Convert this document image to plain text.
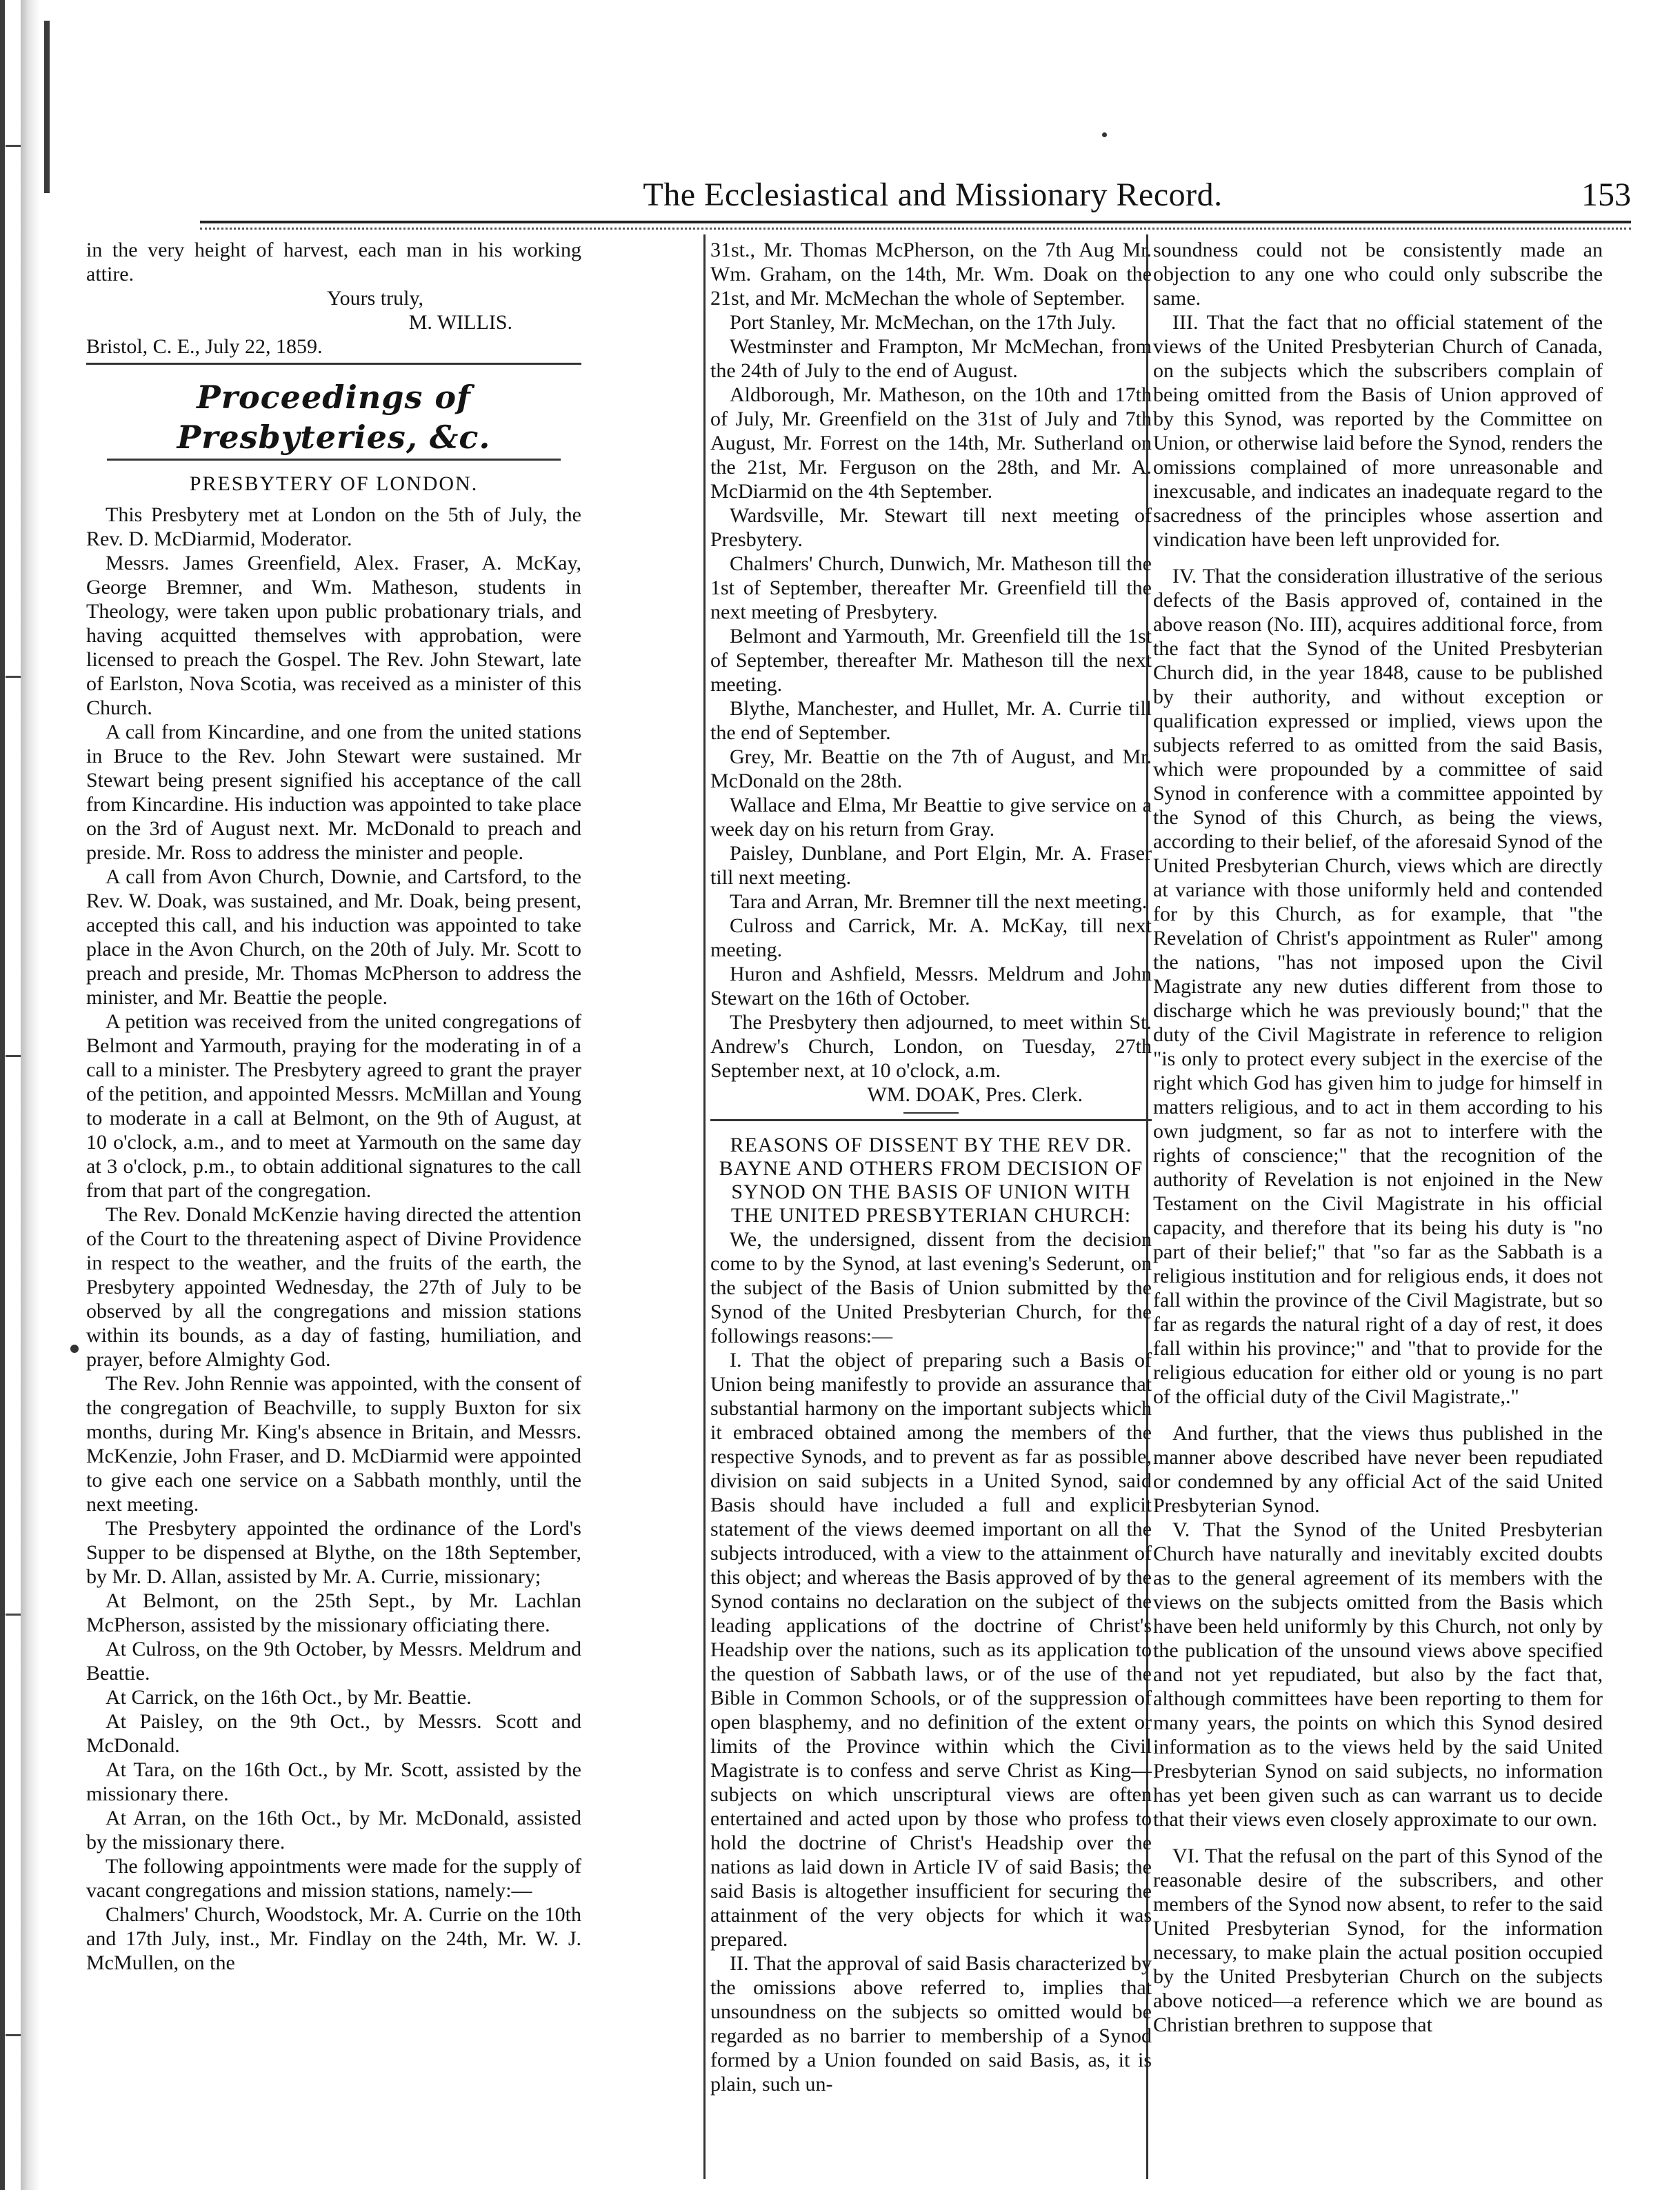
The Ecclesiastical and Missionary Record.	153

in the very height of harvest, each man in his working attire.

Yours truly,

M. WILLIS.

Bristol, C. E., July 22, 1859.

Proceedings of Presbyteries, &c.
PRESBYTERY OF LONDON.

This Presbytery met at London on the 5th of July, the Rev. D. McDiarmid, Moderator.

Messrs. James Greenfield, Alex. Fraser, A. McKay, George Bremner, and Wm. Matheson, students in Theology, were taken upon public probationary trials, and having acquitted themselves with approbation, were licensed to preach the Gospel. The Rev. John Stewart, late of Earlston, Nova Scotia, was received as a minister of this Church.

A call from Kincardine, and one from the united stations in Bruce to the Rev. John Stewart were sustained. Mr Stewart being present signified his acceptance of the call from Kincardine. His induction was appointed to take place on the 3rd of August next. Mr. McDonald to preach and preside. Mr. Ross to address the minister and people.

A call from Avon Church, Downie, and Cartsford, to the Rev. W. Doak, was sustained, and Mr. Doak, being present, accepted this call, and his induction was appointed to take place in the Avon Church, on the 20th of July. Mr. Scott to preach and preside, Mr. Thomas McPherson to address the minister, and Mr. Beattie the people.

A petition was received from the united congregations of Belmont and Yarmouth, praying for the moderating in of a call to a minister. The Presbytery agreed to grant the prayer of the petition, and appointed Messrs. McMillan and Young to moderate in a call at Belmont, on the 9th of August, at 10 o'clock, a.m., and to meet at Yarmouth on the same day at 3 o'clock, p.m., to obtain additional signatures to the call from that part of the congregation.

The Rev. Donald McKenzie having directed the attention of the Court to the threatening aspect of Divine Providence in respect to the weather, and the fruits of the earth, the Presbytery appointed Wednesday, the 27th of July to be observed by all the congregations and mission stations within its bounds, as a day of fasting, humiliation, and prayer, before Almighty God.

The Rev. John Rennie was appointed, with the consent of the congregation of Beachville, to supply Buxton for six months, during Mr. King's absence in Britain, and Messrs. McKenzie, John Fraser, and D. McDiarmid were appointed to give each one service on a Sabbath monthly, until the next meeting.

The Presbytery appointed the ordinance of the Lord's Supper to be dispensed at Blythe, on the 18th September, by Mr. D. Allan, assisted by Mr. A. Currie, missionary;

At Belmont, on the 25th Sept., by Mr. Lachlan McPherson, assisted by the missionary officiating there.

At Culross, on the 9th October, by Messrs. Meldrum and Beattie.

At Carrick, on the 16th Oct., by Mr. Beattie.

At Paisley, on the 9th Oct., by Messrs. Scott and McDonald.

At Tara, on the 16th Oct., by Mr. Scott, assisted by the missionary there.

At Arran, on the 16th Oct., by Mr. McDonald, assisted by the missionary there.

The following appointments were made for the supply of vacant congregations and mission stations, namely:—

Chalmers' Church, Woodstock, Mr. A. Currie on the 10th and 17th July, inst., Mr. Findlay on the 24th, Mr. W. J. McMullen, on the

31st., Mr. Thomas McPherson, on the 7th Aug Mr. Wm. Graham, on the 14th, Mr. Wm. Doak on the 21st, and Mr. McMechan the whole of September.

Port Stanley, Mr. McMechan, on the 17th July.

Westminster and Frampton, Mr McMechan, from the 24th of July to the end of August.

Aldborough, Mr. Matheson, on the 10th and 17th of July, Mr. Greenfield on the 31st of July and 7th August, Mr. Forrest on the 14th, Mr. Sutherland on the 21st, Mr. Ferguson on the 28th, and Mr. A. McDiarmid on the 4th September.

Wardsville, Mr. Stewart till next meeting of Presbytery.

Chalmers' Church, Dunwich, Mr. Matheson till the 1st of September, thereafter Mr. Greenfield till the next meeting of Presbytery.

Belmont and Yarmouth, Mr. Greenfield till the 1st of September, thereafter Mr. Matheson till the next meeting.

Blythe, Manchester, and Hullet, Mr. A. Currie till the end of September.

Grey, Mr. Beattie on the 7th of August, and Mr. McDonald on the 28th.

Wallace and Elma, Mr Beattie to give service on a week day on his return from Gray.

Paisley, Dunblane, and Port Elgin, Mr. A. Fraser till next meeting.

Tara and Arran, Mr. Bremner till the next meeting.

Culross and Carrick, Mr. A. McKay, till next meeting.

Huron and Ashfield, Messrs. Meldrum and John Stewart on the 16th of October.

The Presbytery then adjourned, to meet within St. Andrew's Church, London, on Tuesday, 27th September next, at 10 o'clock, a.m.

WM. DOAK, Pres. Clerk.

REASONS OF DISSENT BY THE REV DR. BAYNE AND OTHERS FROM DECISION OF SYNOD ON THE BASIS OF UNION WITH THE UNITED PRESBYTERIAN CHURCH:

We, the undersigned, dissent from the decision come to by the Synod, at last evening's Sederunt, on the subject of the Basis of Union submitted by the Synod of the United Presbyterian Church, for the followings reasons:—

I. That the object of preparing such a Basis of Union being manifestly to provide an assurance that substantial harmony on the important subjects which it embraced obtained among the members of the respective Synods, and to prevent as far as possible, division on said subjects in a United Synod, said Basis should have included a full and explicit statement of the views deemed important on all the subjects introduced, with a view to the attainment of this object; and whereas the Basis approved of by the Synod contains no declaration on the subject of the leading applications of the doctrine of Christ's Headship over the nations, such as its application to the question of Sabbath laws, or of the use of the Bible in Common Schools, or of the suppression of open blasphemy, and no definition of the extent or limits of the Province within which the Civil Magistrate is to confess and serve Christ as King—subjects on which unscriptural views are often entertained and acted upon by those who profess to hold the doctrine of Christ's Headship over the nations as laid down in Article IV of said Basis; the said Basis is altogether insufficient for securing the attainment of the very objects for which it was prepared.

II. That the approval of said Basis characterized by the omissions above referred to, implies that unsoundness on the subjects so omitted would be regarded as no barrier to membership of a Synod formed by a Union founded on said Basis, as, it is plain, such un-

soundness could not be consistently made an objection to any one who could only subscribe the same.

III. That the fact that no official statement of the views of the United Presbyterian Church of Canada, on the subjects which the subscribers complain of being omitted from the Basis of Union approved of by this Synod, was reported by the Committee on Union, or otherwise laid before the Synod, renders the omissions complained of more unreasonable and inexcusable, and indicates an inadequate regard to the sacredness of the principles whose assertion and vindication have been left unprovided for.

IV. That the consideration illustrative of the serious defects of the Basis approved of, contained in the above reason (No. III), acquires additional force, from the fact that the Synod of the United Presbyterian Church did, in the year 1848, cause to be published by their authority, and without exception or qualification expressed or implied, views upon the subjects referred to as omitted from the said Basis, which were propounded by a committee of said Synod in conference with a committee appointed by the Synod of this Church, as being the views, according to their belief, of the aforesaid Synod of the United Presbyterian Church, views which are directly at variance with those uniformly held and contended for by this Church, as for example, that "the Revelation of Christ's appointment as Ruler" among the nations, "has not imposed upon the Civil Magistrate any new duties different from those to discharge which he was previously bound;" that the duty of the Civil Magistrate in reference to religion "is only to protect every subject in the exercise of the right which God has given him to judge for himself in matters religious, and to act in them according to his own judgment, so far as not to interfere with the rights of conscience;" that the recognition of the authority of Revelation is not enjoined in the New Testament on the Civil Magistrate in his official capacity, and therefore that its being his duty is "no part of their belief;" that "so far as the Sabbath is a religious institution and for religious ends, it does not fall within the province of the Civil Magistrate, but so far as regards the natural right of a day of rest, it does fall within his province;" and "that to provide for the religious education for either old or young is no part of the official duty of the Civil Magistrate,."

And further, that the views thus published in the manner above described have never been repudiated or condemned by any official Act of the said United Presbyterian Synod.

V. That the Synod of the United Presbyterian Church have naturally and inevitably excited doubts as to the general agreement of its members with the views on the subjects omitted from the Basis which have been held uniformly by this Church, not only by the publication of the unsound views above specified and not yet repudiated, but also by the fact that, although committees have been reporting to them for many years, the points on which this Synod desired information as to the views held by the said United Presbyterian Synod on said subjects, no information has yet been given such as can warrant us to decide that their views even closely approximate to our own.

VI. That the refusal on the part of this Synod of the reasonable desire of the subscribers, and other members of the Synod now absent, to refer to the said United Presbyterian Synod, for the information necessary, to make plain the actual position occupied by the United Presbyterian Church on the subjects above noticed—a reference which we are bound as Christian brethren to suppose that
